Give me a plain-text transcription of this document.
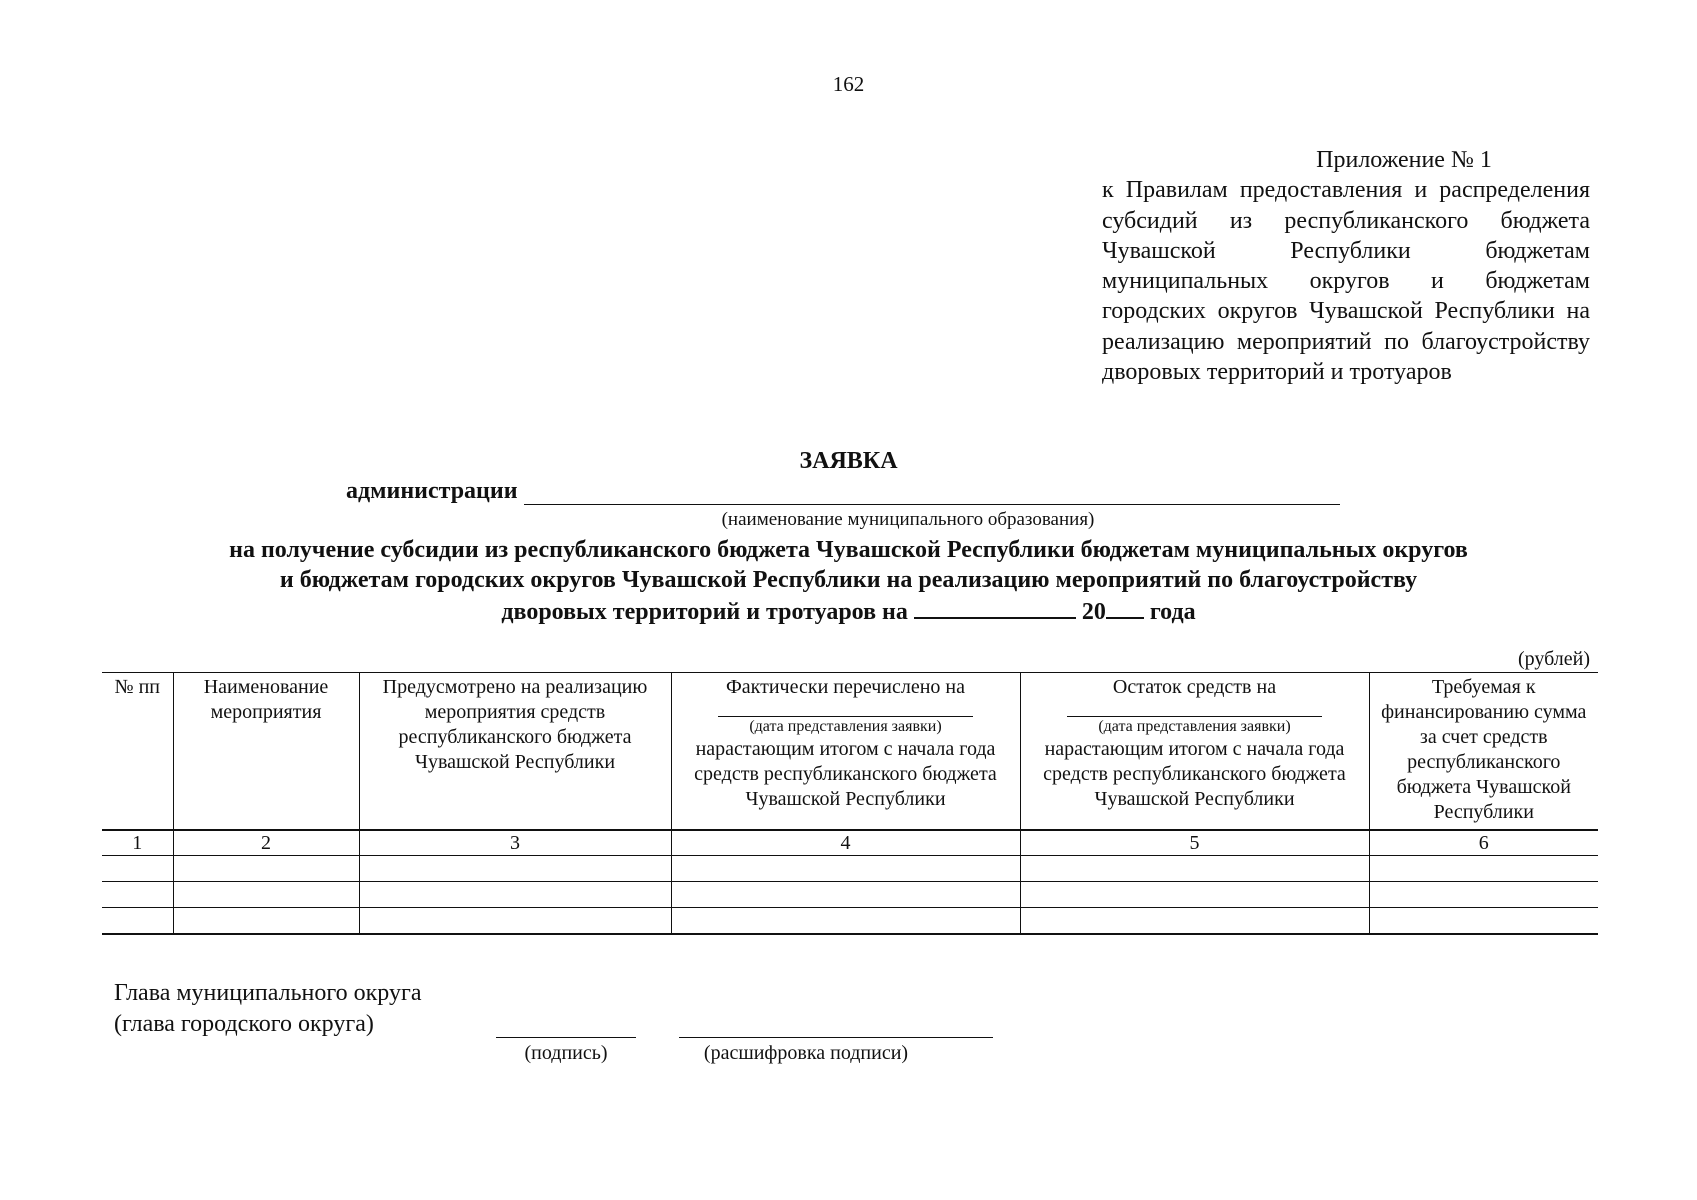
162
Приложение № 1
к Правилам предоставления и распределения субсидий из республиканского бюджета Чувашской Республики бюджетам муниципальных округов и бюджетам городских округов Чувашской Республики на реализацию мероприятий по благоустройству дворовых территорий и тротуаров
ЗАЯВКА
администрации
(наименование муниципального образования)
на получение субсидии из республиканского бюджета Чувашской Республики бюджетам муниципальных округов
и бюджетам городских округов Чувашской Республики на реализацию мероприятий по благоустройству
дворовых территорий и тротуаров на	20 года
(рублей)
№ пп	Наименование мероприятия	Предусмотрено на реализацию мероприятия средств республиканского бюджета Чувашской Республики	Фактически перечислено на
(дата представления заявки)
нарастающим итогом с начала года средств республиканского бюджета Чувашской Республики	Остаток средств на
(дата представления заявки)
нарастающим итогом с начала года средств республиканского бюджета Чувашской Республики	Требуемая к финансированию сумма за счет средств республиканского бюджета Чувашской Республики
1	2	3	4	5	6

Глава муниципального округа
(глава городского округа)
(подпись)	(расшифровка подписи)
